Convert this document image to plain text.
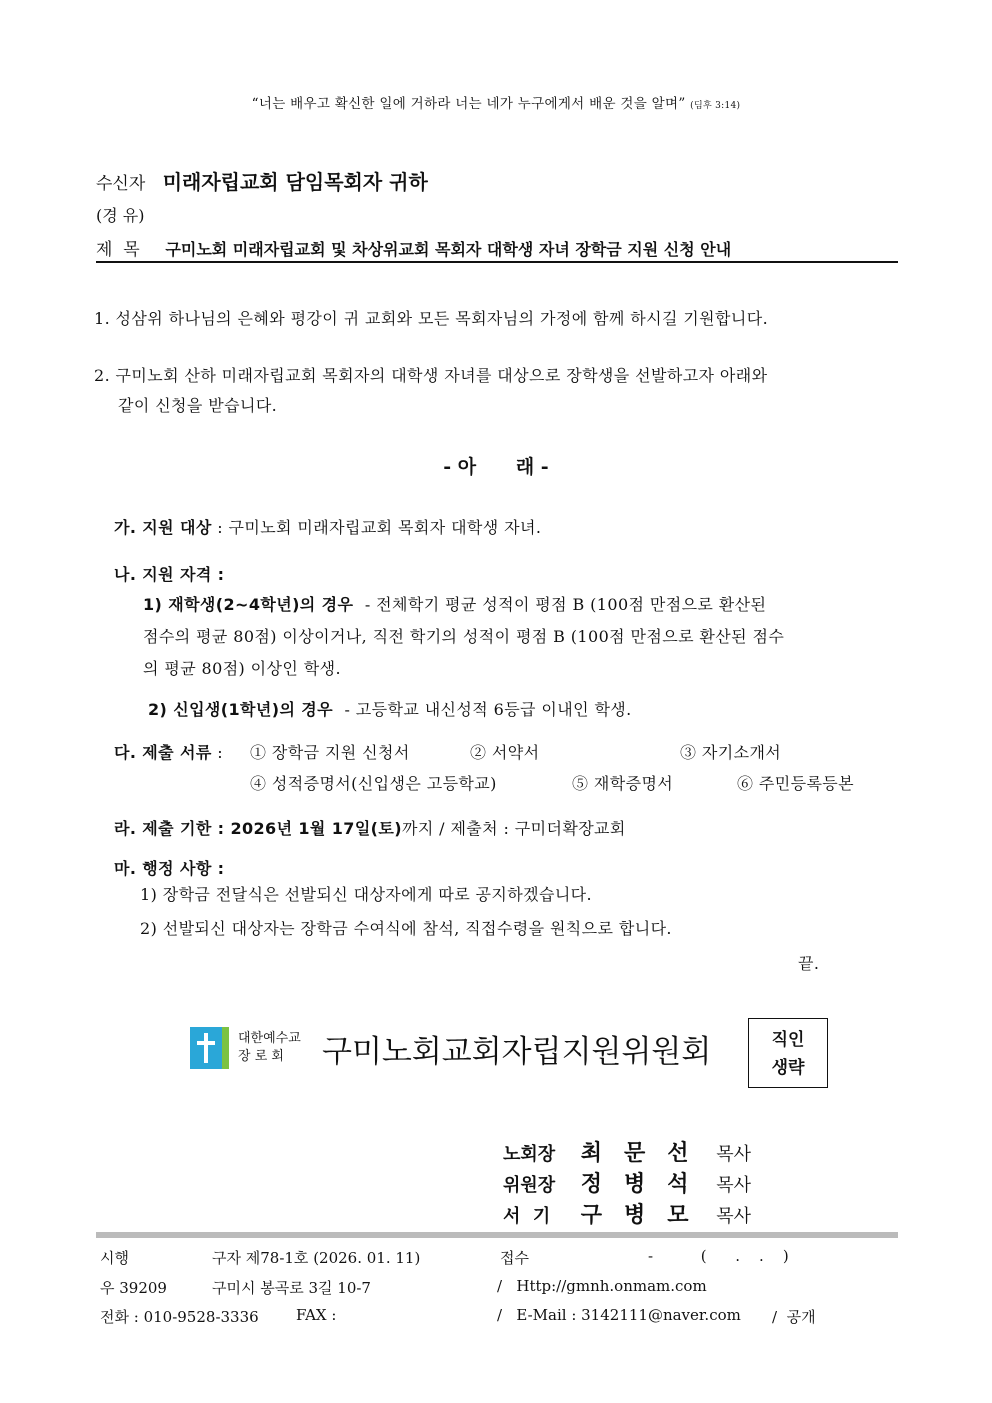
“너는 배우고 확신한 일에 거하라 너는 네가 누구에게서 배운 것을 알며” (딤후 3:14)
수신자 미래자립교회 담임목회자 귀하
(경 유)
제  목 구미노회 미래자립교회 및 차상위교회 목회자 대학생 자녀 장학금 지원 신청 안내
1. 성삼위 하나님의 은혜와 평강이 귀 교회와 모든 목회자님의 가정에 함께 하시길 기원합니다.
2. 구미노회 산하 미래자립교회 목회자의 대학생 자녀를 대상으로 장학생을 선발하고자 아래와
같이 신청을 받습니다.
- 아      래 -
가. 지원 대상 : 구미노회 미래자립교회 목회자 대학생 자녀.
나. 지원 자격 :
1) 재학생(2~4학년)의 경우 - 전체학기 평균 성적이 평점 B (100점 만점으로 환산된
점수의 평균 80점) 이상이거나, 직전 학기의 성적이 평점 B (100점 만점으로 환산된 점수
의 평균 80점) 이상인 학생.
2) 신입생(1학년)의 경우 - 고등학교 내신성적 6등급 이내인 학생.
다. 제출 서류 : ① 장학금 지원 신청서	② 서약서	③ 자기소개서
④ 성적증명서(신입생은 고등학교)	⑤ 재학증명서	⑥ 주민등록등본
라. 제출 기한 : 2026년 1월 17일(토)까지 / 제출처 : 구미더확장교회
마. 행정 사항 :
1) 장학금 전달식은 선발되신 대상자에게 따로 공지하겠습니다.
2) 선발되신 대상자는 장학금 수여식에 참석, 직접수령을 원칙으로 합니다.
끝.
대한예수교
장 로 회	구미노회교회자립지원위원회	직인
생략
노회장 최문선 목사
위원장 정병석 목사
서  기 구병모 목사
시행	구자 제78-1호 (2026. 01. 11)	접수	-          (      .    .    )
우 39209	구미시 봉곡로 3길 10-7	/   Http://gmnh.onmam.com
전화 : 010-9528-3336 FAX :	/   E-Mail : 3142111@naver.com /  공개
